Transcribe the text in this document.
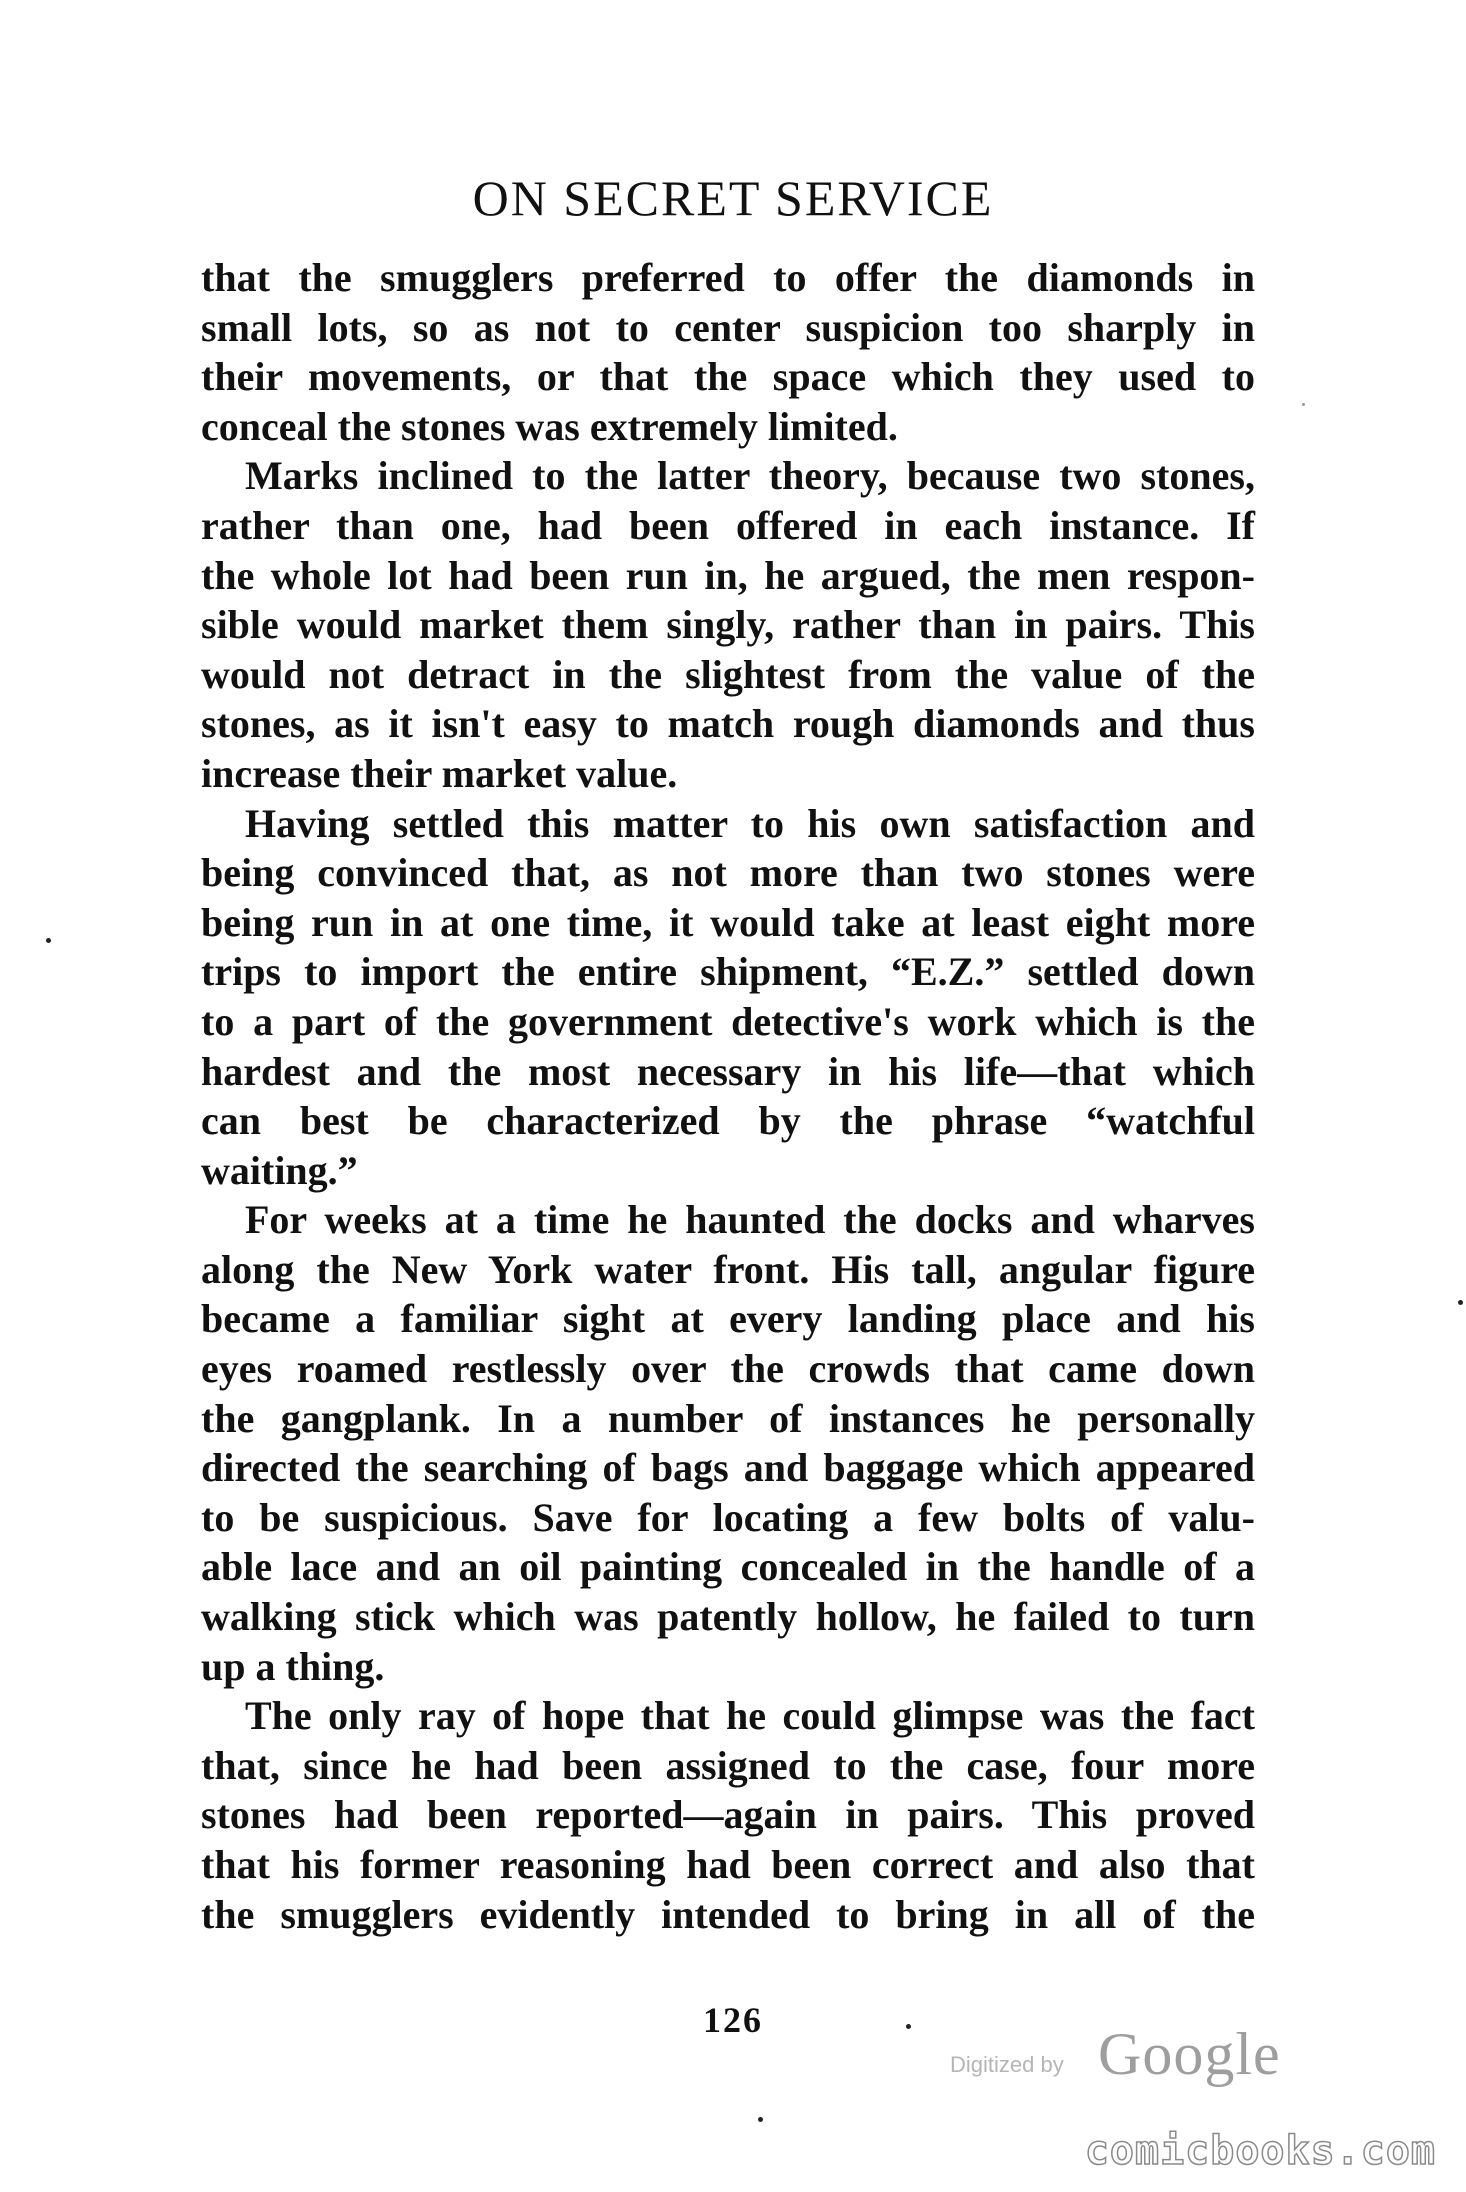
ON SECRET SERVICE
that the smugglers preferred to offer the diamonds in
small lots, so as not to center suspicion too sharply in
their movements, or that the space which they used to
conceal the stones was extremely limited.
Marks inclined to the latter theory, because two stones,
rather than one, had been offered in each instance. If
the whole lot had been run in, he argued, the men respon-
sible would market them singly, rather than in pairs. This
would not detract in the slightest from the value of the
stones, as it isn't easy to match rough diamonds and thus
increase their market value.
Having settled this matter to his own satisfaction and
being convinced that, as not more than two stones were
being run in at one time, it would take at least eight more
trips to import the entire shipment, “E.Z.” settled down
to a part of the government detective's work which is the
hardest and the most necessary in his life—that which
can best be characterized by the phrase “watchful
waiting.”
For weeks at a time he haunted the docks and wharves
along the New York water front. His tall, angular figure
became a familiar sight at every landing place and his
eyes roamed restlessly over the crowds that came down
the gangplank. In a number of instances he personally
directed the searching of bags and baggage which appeared
to be suspicious. Save for locating a few bolts of valu-
able lace and an oil painting concealed in the handle of a
walking stick which was patently hollow, he failed to turn
up a thing.
The only ray of hope that he could glimpse was the fact
that, since he had been assigned to the case, four more
stones had been reported—again in pairs. This proved
that his former reasoning had been correct and also that
the smugglers evidently intended to bring in all of the
126
Digitized by Google
comicbooks.com
